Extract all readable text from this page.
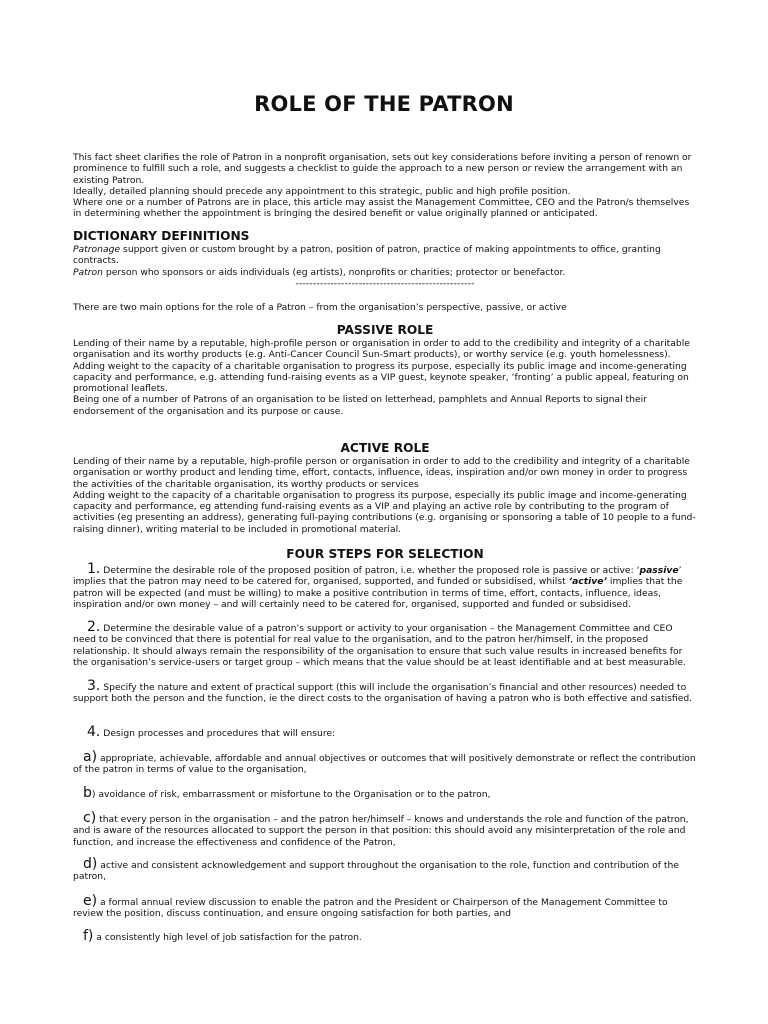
ROLE OF THE PATRON

This fact sheet clarifies the role of Patron in a nonprofit organisation, sets out key considerations before inviting a person of renown or prominence to fulfill such a role, and suggests a checklist to guide the approach to a new person or review the arrangement with an existing Patron.

Ideally, detailed planning should precede any appointment to this strategic, public and high profile position.

Where one or a number of Patrons are in place, this article may assist the Management Committee, CEO and the Patron/s themselves in determining whether the appointment is bringing the desired benefit or value originally planned or anticipated.

DICTIONARY DEFINITIONS

Patronage support given or custom brought by a patron, position of patron, practice of making appointments to office, granting contracts.

Patron person who sponsors or aids individuals (eg artists), nonprofits or charities; protector or benefactor.

---------------------------------------------------

There are two main options for the role of a Patron – from the organisation’s perspective, passive, or active

PASSIVE ROLE

Lending of their name by a reputable, high-profile person or organisation in order to add to the credibility and integrity of a charitable organisation and its worthy products (e.g. Anti-Cancer Council Sun-Smart products), or worthy service (e.g. youth homelessness).

Adding weight to the capacity of a charitable organisation to progress its purpose, especially its public image and income-generating capacity and performance, e.g. attending fund-raising events as a VIP guest, keynote speaker, ‘fronting’ a public appeal, featuring on promotional leaflets.

Being one of a number of Patrons of an organisation to be listed on letterhead, pamphlets and Annual Reports to signal their endorsement of the organisation and its purpose or cause.

ACTIVE ROLE

Lending of their name by a reputable, high-profile person or organisation in order to add to the credibility and integrity of a charitable organisation or worthy product and lending time, effort, contacts, influence, ideas, inspiration and/or own money in order to progress the activities of the charitable organisation, its worthy products or services

Adding weight to the capacity of a charitable organisation to progress its purpose, especially its public image and income-generating capacity and performance, eg attending fund-raising events as a VIP and playing an active role by contributing to the program of activities (eg presenting an address), generating full-paying contributions (e.g. organising or sponsoring a table of 10 people to a fund-raising dinner), writing material to be included in promotional material.

FOUR STEPS FOR SELECTION

1. Determine the desirable role of the proposed position of patron, i.e. whether the proposed role is passive or active: ‘passive’ implies that the patron may need to be catered for, organised, supported, and funded or subsidised, whilst ‘active’ implies that the patron will be expected (and must be willing) to make a positive contribution in terms of time, effort, contacts, influence, ideas, inspiration and/or own money – and will certainly need to be catered for, organised, supported and funded or subsidised.

2. Determine the desirable value of a patron’s support or activity to your organisation – the Management Committee and CEO need to be convinced that there is potential for real value to the organisation, and to the patron her/himself, in the proposed relationship. It should always remain the responsibility of the organisation to ensure that such value results in increased benefits for the organisation’s service-users or target group – which means that the value should be at least identifiable and at best measurable.

3. Specify the nature and extent of practical support (this will include the organisation’s financial and other resources) needed to support both the person and the function, ie the direct costs to the organisation of having a patron who is both effective and satisfied.

4. Design processes and procedures that will ensure:

a) appropriate, achievable, affordable and annual objectives or outcomes that will positively demonstrate or reflect the contribution of the patron in terms of value to the organisation,

b) avoidance of risk, embarrassment or misfortune to the Organisation or to the patron,

c) that every person in the organisation – and the patron her/himself – knows and understands the role and function of the patron, and is aware of the resources allocated to support the person in that position: this should avoid any misinterpretation of the role and function, and increase the effectiveness and confidence of the Patron,

d) active and consistent acknowledgement and support throughout the organisation to the role, function and contribution of the patron,

e) a formal annual review discussion to enable the patron and the President or Chairperson of the Management Committee to review the position, discuss continuation, and ensure ongoing satisfaction for both parties, and

f) a consistently high level of job satisfaction for the patron.
